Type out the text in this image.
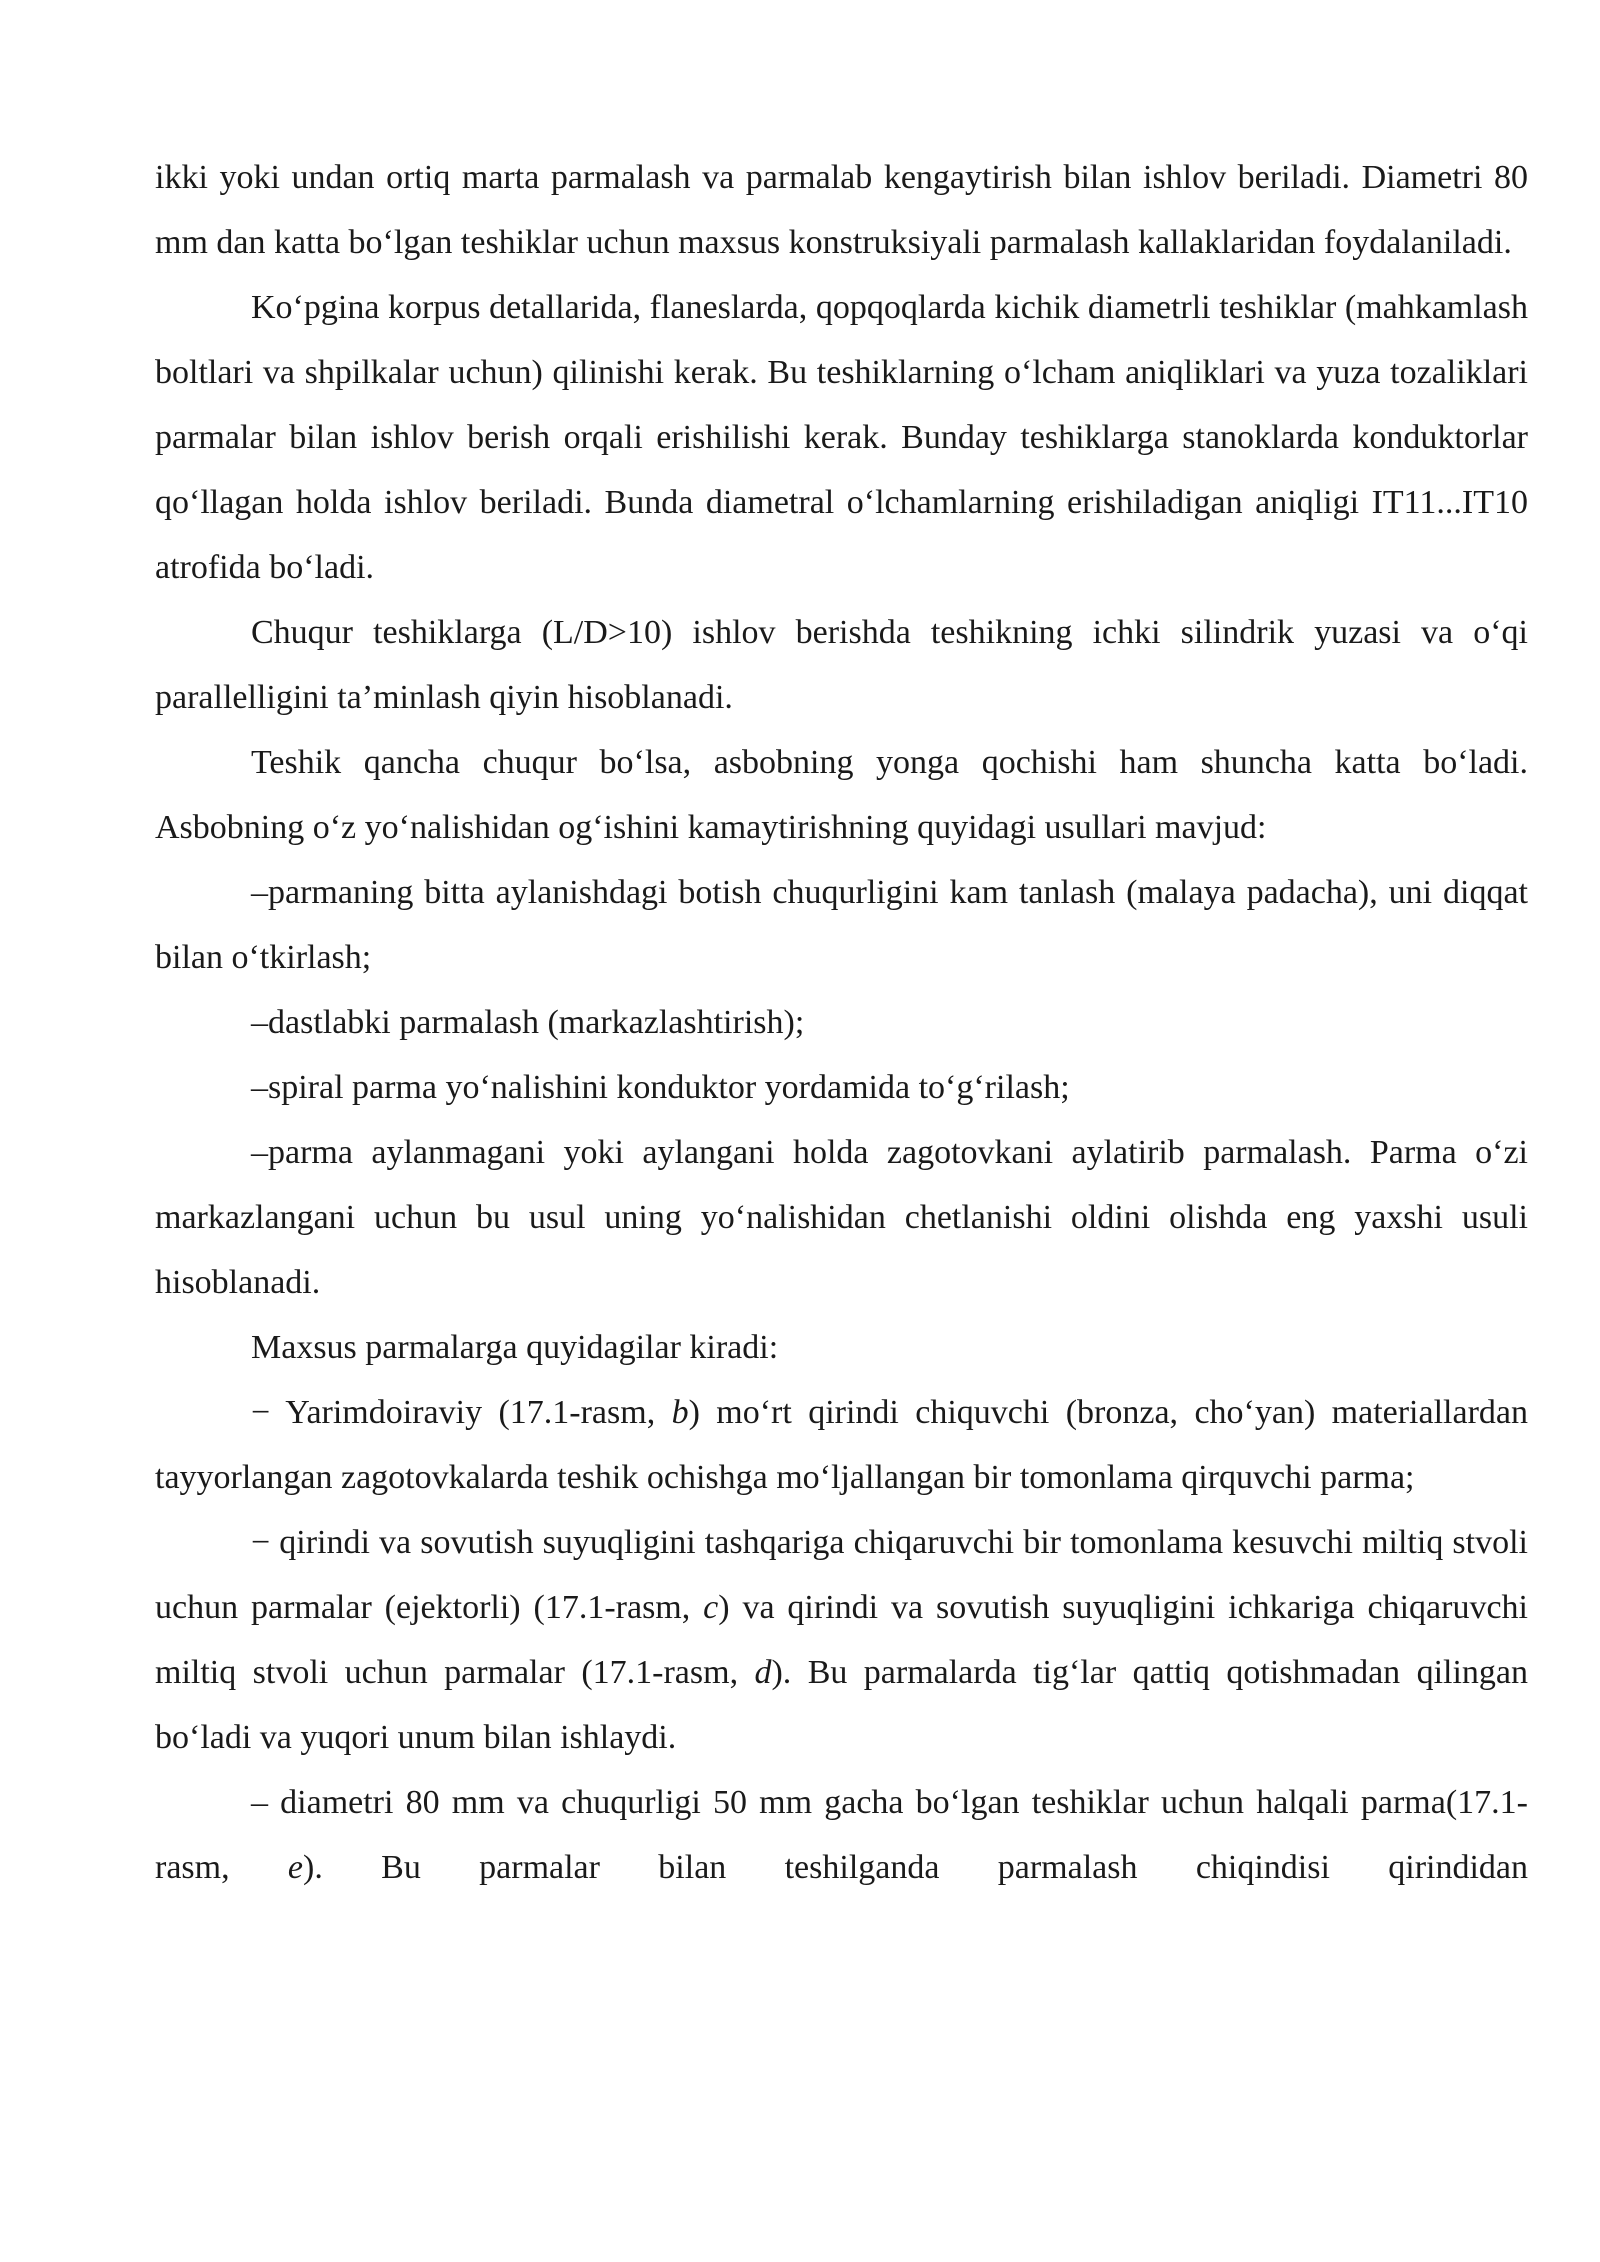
ikki yoki undan ortiq marta parmalash va parmalab kengaytirish bilan ishlov beriladi. Diametri 80 mm dan katta boʻlgan teshiklar uchun maxsus konstruksiyali parmalash kallaklaridan foydalaniladi.

Koʻpgina korpus detallarida, flaneslarda, qopqoqlarda kichik diametrli teshiklar (mahkamlash boltlari va shpilkalar uchun) qilinishi kerak. Bu teshiklarning oʻlcham aniqliklari va yuza tozaliklari parmalar bilan ishlov berish orqali erishilishi kerak. Bunday teshiklarga stanoklarda konduktorlar qoʻllagan holda ishlov beriladi. Bunda diametral oʻlchamlarning erishiladigan aniqligi IT11...IT10 atrofida boʻladi.

Chuqur teshiklarga (L/D>10) ishlov berishda teshikning ichki silindrik yuzasi va oʻqi parallelligini ta’minlash qiyin hisoblanadi.

Teshik qancha chuqur boʻlsa, asbobning yonga qochishi ham shuncha katta boʻladi. Asbobning oʻz yoʻnalishidan ogʻishini kamaytirishning quyidagi usullari mavjud:

–parmaning bitta aylanishdagi botish chuqurligini kam tanlash (malaya padacha), uni diqqat bilan oʻtkirlash;

–dastlabki parmalash (markazlashtirish);

–spiral parma yoʻnalishini konduktor yordamida toʻgʻrilash;

–parma aylanmagani yoki aylangani holda zagotovkani aylatirib parmalash. Parma oʻzi markazlangani uchun bu usul uning yoʻnalishidan chetlanishi oldini olishda eng yaxshi usuli hisoblanadi.

Maxsus parmalarga quyidagilar kiradi:

− Yarimdoiraviy (17.1-rasm, b) moʻrt qirindi chiquvchi (bronza, choʻyan) materiallardan tayyorlangan zagotovkalarda teshik ochishga moʻljallangan bir tomonlama qirquvchi parma;

− qirindi va sovutish suyuqligini tashqariga chiqaruvchi bir tomonlama kesuvchi miltiq stvoli uchun parmalar (ejektorli) (17.1-rasm, c) va qirindi va sovutish suyuqligini ichkariga chiqaruvchi miltiq stvoli uchun parmalar (17.1-rasm, d). Bu parmalarda tigʻlar qattiq qotishmadan qilingan boʻladi va yuqori unum bilan ishlaydi.

– diametri 80 mm va chuqurligi 50 mm gacha boʻlgan teshiklar uchun halqali parma(17.1-rasm, e). Bu parmalar bilan teshilganda parmalash chiqindisi qirindidan
